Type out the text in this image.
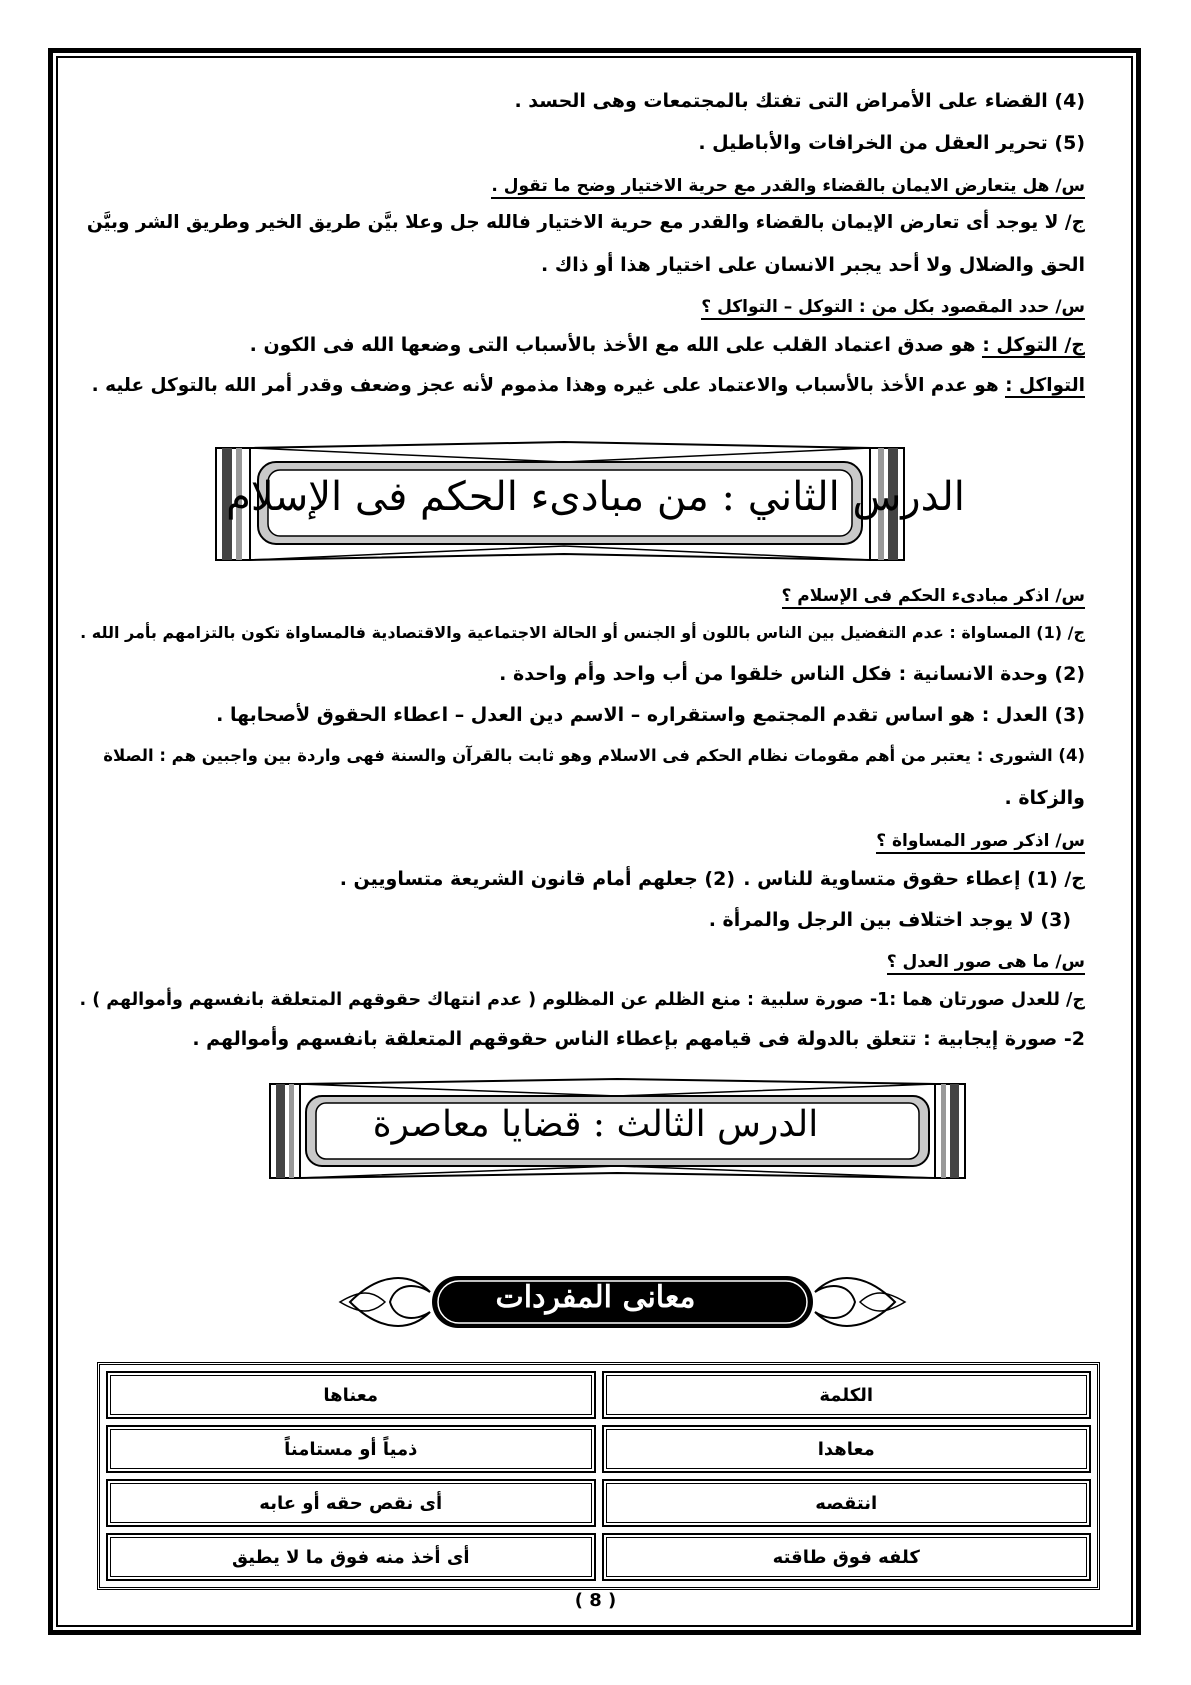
(4) القضاء على الأمراض التى تفتك بالمجتمعات وهى الحسد .
(5) تحرير العقل من الخرافات والأباطيل .
س/ هل يتعارض الايمان بالقضاء والقدر مع حرية الاختيار وضح ما تقول .
ج/ لا يوجد أى تعارض الإيمان بالقضاء والقدر مع حرية الاختيار فالله جل وعلا بيَّن طريق الخير وطريق الشر وبيَّن
الحق والضلال ولا أحد يجبر الانسان على اختيار هذا أو ذاك .
س/ حدد المقصود بكل من : التوكل – التواكل ؟
ج/ التوكل : هو صدق اعتماد القلب على الله مع الأخذ بالأسباب التى وضعها الله فى الكون .
التواكل : هو عدم الأخذ بالأسباب والاعتماد على غيره وهذا مذموم لأنه عجز وضعف وقدر أمر الله بالتوكل عليه .
الدرس الثاني : من مبادىء الحكم فى الإسلام
س/ اذكر مبادىء الحكم فى الإسلام ؟
ج/ (1) المساواة : عدم التفضيل بين الناس باللون أو الجنس أو الحالة الاجتماعية والاقتصادية فالمساواة تكون بالتزامهم بأمر الله .
(2) وحدة الانسانية : فكل الناس خلقوا من أب واحد وأم واحدة .
(3) العدل : هو اساس تقدم المجتمع واستقراره – الاسم دين العدل – اعطاء الحقوق لأصحابها .
(4) الشورى : يعتبر من أهم مقومات نظام الحكم فى الاسلام وهو ثابت بالقرآن والسنة فهى واردة بين واجبين هم : الصلاة
والزكاة .
س/ اذكر صور المساواة ؟
ج/ (1) إعطاء حقوق متساوية للناس .
(2) جعلهم أمام قانون الشريعة متساويين .
(3) لا يوجد اختلاف بين الرجل والمرأة .
س/ ما هى صور العدل ؟
ج/ للعدل صورتان هما :1- صورة سلبية : منع الظلم عن المظلوم ( عدم انتهاك حقوقهم المتعلقة بانفسهم وأموالهم ) .
2- صورة إيجابية : تتعلق بالدولة فى قيامهم بإعطاء الناس حقوقهم المتعلقة بانفسهم وأموالهم .
الدرس الثالث : قضايا معاصرة
معانى المفردات
الكلمة	معناها
معاهدا	ذمياً أو مستامناً
انتقصه	أى نقص حقه أو عابه
كلفه فوق طاقته	أى أخذ منه فوق ما لا يطيق
( 8 )
